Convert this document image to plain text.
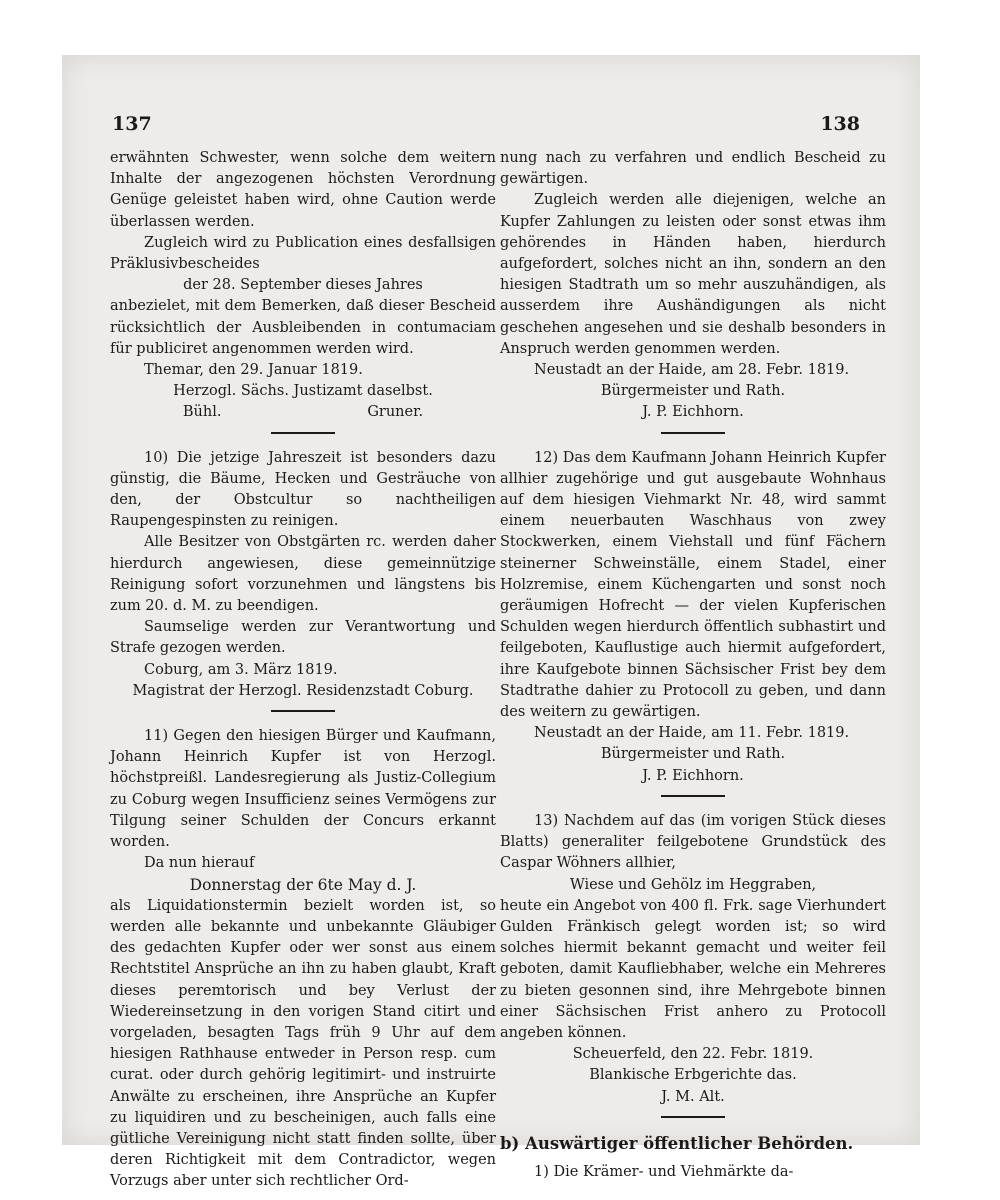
137	138

erwähnten Schwester, wenn solche dem weitern Inhalte der angezogenen höchsten Verordnung Genüge geleistet haben wird, ohne Caution werde überlassen werden.

Zugleich wird zu Publication eines desfallsigen Präklusivbescheides

der 28. September dieses Jahres

anbezielet, mit dem Bemerken, daß dieser Bescheid rücksichtlich der Ausbleibenden in contumaciam für publiciret angenommen werden wird.

Themar, den 29. Januar 1819.

Herzogl. Sächs. Justizamt daselbst.

Bühl.	Gruner.

10) Die jetzige Jahreszeit ist besonders dazu günstig, die Bäume, Hecken und Gesträuche von den, der Obstcultur so nachtheiligen Raupengespinsten zu reinigen.

Alle Besitzer von Obstgärten rc. werden daher hierdurch angewiesen, diese gemeinnützige Reinigung sofort vorzunehmen und längstens bis zum 20. d. M. zu beendigen.

Saumselige werden zur Verantwortung und Strafe gezogen werden.

Coburg, am 3. März 1819.

Magistrat der Herzogl. Residenzstadt Coburg.

11) Gegen den hiesigen Bürger und Kaufmann, Johann Heinrich Kupfer ist von Herzogl. höchstpreißl. Landesregierung als Justiz-Collegium zu Coburg wegen Insufficienz seines Vermögens zur Tilgung seiner Schulden der Concurs erkannt worden.

Da nun hierauf

Donnerstag der 6te May d. J.

als Liquidationstermin bezielt worden ist, so werden alle bekannte und unbekannte Gläubiger des gedachten Kupfer oder wer sonst aus einem Rechtstitel Ansprüche an ihn zu haben glaubt, Kraft dieses peremtorisch und bey Verlust der Wiedereinsetzung in den vorigen Stand citirt und vorgeladen, besagten Tags früh 9 Uhr auf dem hiesigen Rathhause entweder in Person resp. cum curat. oder durch gehörig legitimirt- und instruirte Anwälte zu erscheinen, ihre Ansprüche an Kupfer zu liquidiren und zu bescheinigen, auch falls eine gütliche Vereinigung nicht statt finden sollte, über deren Richtigkeit mit dem Contradictor, wegen Vorzugs aber unter sich rechtlicher Ord-

nung nach zu verfahren und endlich Bescheid zu gewärtigen.

Zugleich werden alle diejenigen, welche an Kupfer Zahlungen zu leisten oder sonst etwas ihm gehörendes in Händen haben, hierdurch aufgefordert, solches nicht an ihn, sondern an den hiesigen Stadtrath um so mehr auszuhändigen, als ausserdem ihre Aushändigungen als nicht geschehen angesehen und sie deshalb besonders in Anspruch werden genommen werden.

Neustadt an der Haide, am 28. Febr. 1819.

Bürgermeister und Rath.

J. P. Eichhorn.

12) Das dem Kaufmann Johann Heinrich Kupfer allhier zugehörige und gut ausgebaute Wohnhaus auf dem hiesigen Viehmarkt Nr. 48, wird sammt einem neuerbauten Waschhaus von zwey Stockwerken, einem Viehstall und fünf Fächern steinerner Schweinställe, einem Stadel, einer Holzremise, einem Küchengarten und sonst noch geräumigen Hofrecht — der vielen Kupferischen Schulden wegen hierdurch öffentlich subhastirt und feilgeboten, Kauflustige auch hiermit aufgefordert, ihre Kaufgebote binnen Sächsischer Frist bey dem Stadtrathe dahier zu Protocoll zu geben, und dann des weitern zu gewärtigen.

Neustadt an der Haide, am 11. Febr. 1819.

Bürgermeister und Rath.

J. P. Eichhorn.

13) Nachdem auf das (im vorigen Stück dieses Blatts) generaliter feilgebotene Grundstück des Caspar Wöhners allhier,

Wiese und Gehölz im Heggraben,

heute ein Angebot von 400 fl. Frk. sage Vierhundert Gulden Fränkisch gelegt worden ist; so wird solches hiermit bekannt gemacht und weiter feil geboten, damit Kaufliebhaber, welche ein Mehreres zu bieten gesonnen sind, ihre Mehrgebote binnen einer Sächsischen Frist anhero zu Protocoll angeben können.

Scheuerfeld, den 22. Febr. 1819.

Blankische Erbgerichte das.

J. M. Alt.

b) Auswärtiger öffentlicher Behörden.

1) Die Krämer- und Viehmärkte da-
